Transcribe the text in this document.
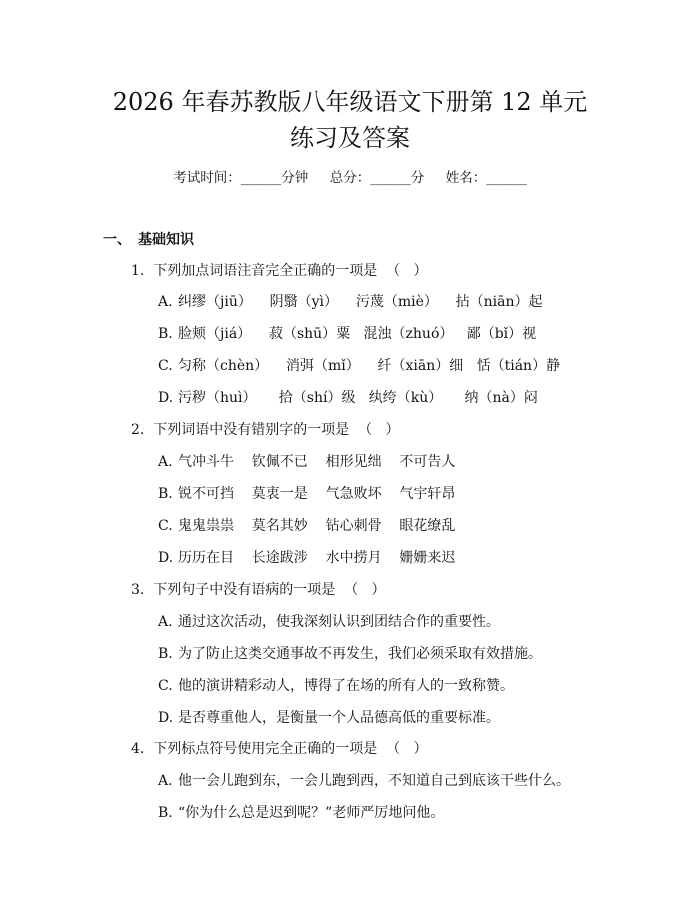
2026 年春苏教版八年级语文下册第 12 单元
练习及答案
考试时间：______分钟     总分：______分     姓名：______
一、 基础知识
1.  下列加点词语注音完全正确的一项是  （   ）
A. 纠缪（jiū）    阴翳（yì）    污蔑（miè）    拈（niān）起
B. 脸颊（jiá）    菽（shū）粟   混浊（zhuó）   鄙（bǐ）视
C. 匀称（chèn）    消弭（mǐ）    纤（xiān）细   恬（tián）静
D. 污秽（huì）     拾（shí）级   纨绔（kù）     纳（nà）闷
2.  下列词语中没有错别字的一项是  （   ）
A. 气冲斗牛    钦佩不已    相形见绌    不可告人
B. 锐不可挡    莫衷一是    气急败坏    气宇轩昂
C. 鬼鬼祟祟    莫名其妙    钻心刺骨    眼花缭乱
D. 历历在目    长途跋涉    水中捞月    姗姗来迟
3.  下列句子中没有语病的一项是  （   ）
A. 通过这次活动，使我深刻认识到团结合作的重要性。
B. 为了防止这类交通事故不再发生，我们必须采取有效措施。
C. 他的演讲精彩动人，博得了在场的所有人的一致称赞。
D. 是否尊重他人，是衡量一个人品德高低的重要标准。
4.  下列标点符号使用完全正确的一项是  （   ）
A. 他一会儿跑到东，一会儿跑到西，不知道自己到底该干些什么。
B. “你为什么总是迟到呢？”老师严厉地问他。
